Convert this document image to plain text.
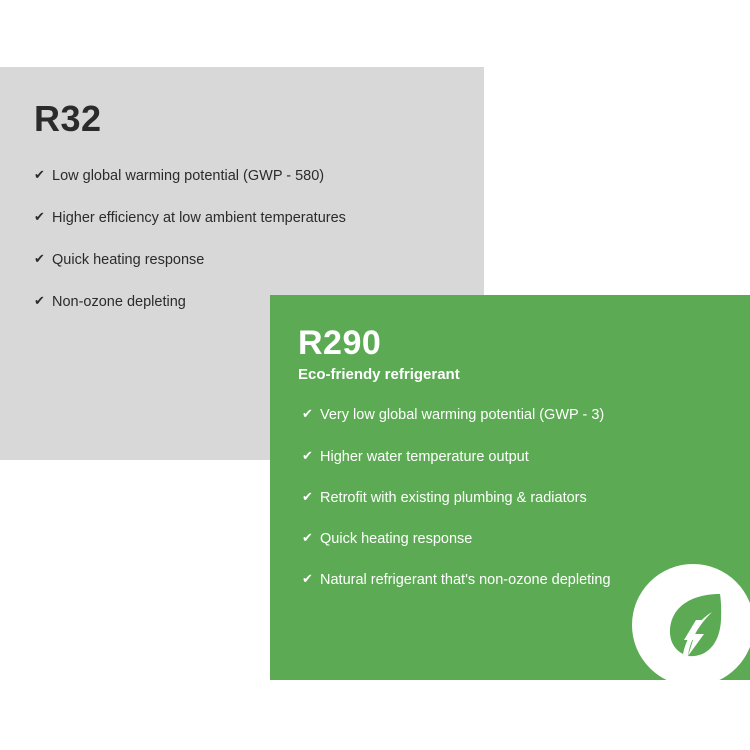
R32
✔ Low global warming potential (GWP - 580)
✔ Higher efficiency at low ambient temperatures
✔ Quick heating response
✔ Non-ozone depleting
R290
Eco-friendy refrigerant
✔ Very low global warming potential (GWP - 3)
✔ Higher water temperature output
✔ Retrofit with existing plumbing & radiators
✔ Quick heating response
✔ Natural refrigerant that's non-ozone depleting
